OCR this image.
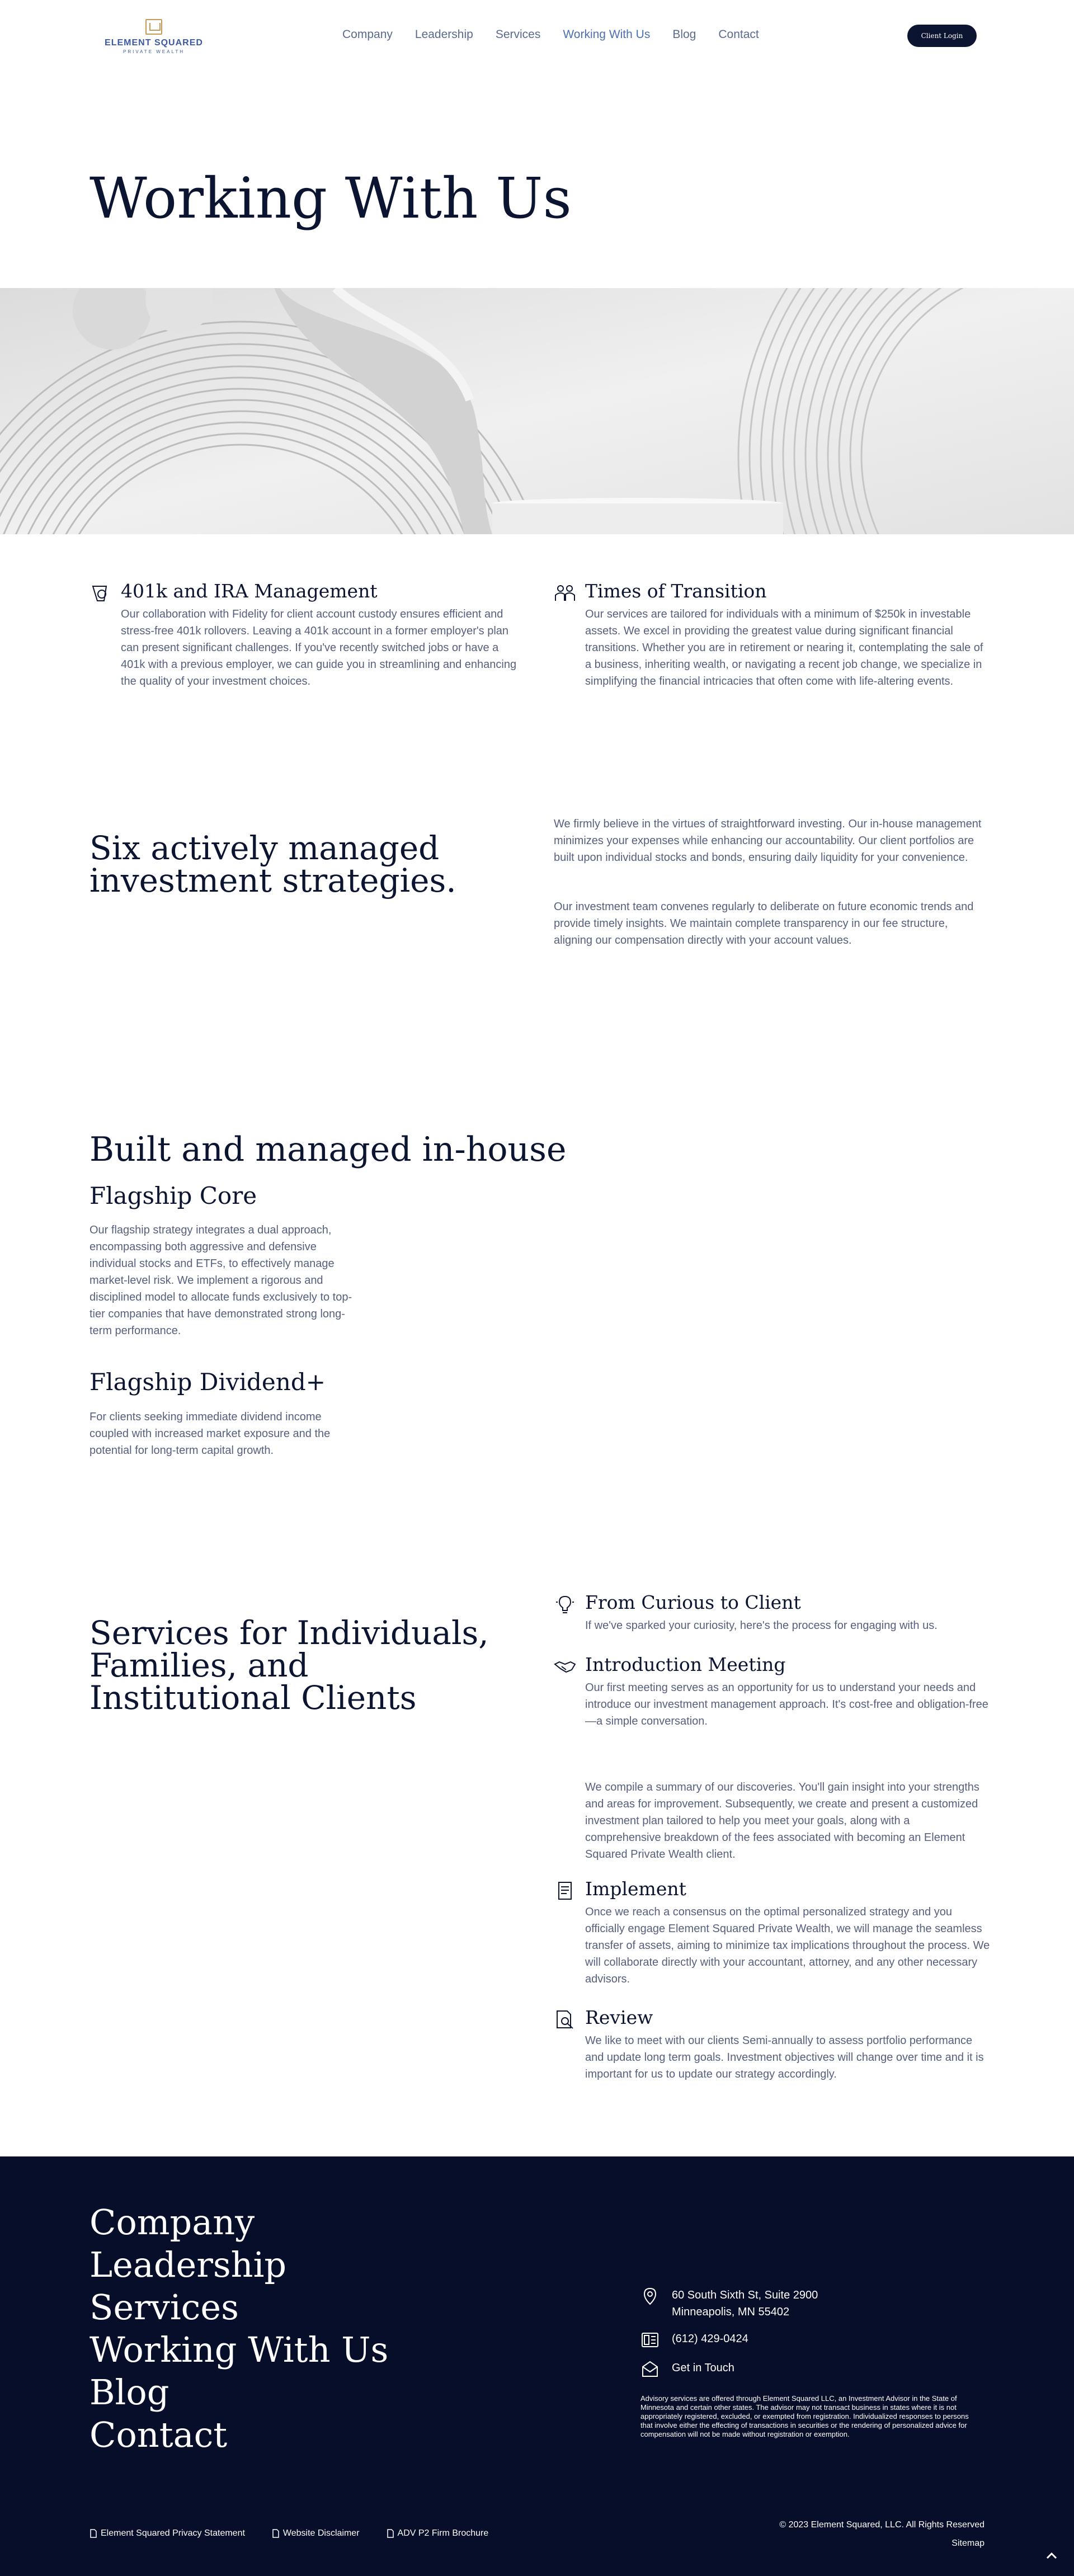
ELEMENT SQUARED
PRIVATE WEALTH
Company Leadership Services Working With Us Blog Contact	Client Login
Working With Us
401k and IRA Management

Our collaboration with Fidelity for client account custody ensures efficient and stress-free 401k rollovers. Leaving a 401k account in a former employer's plan can present significant challenges. If you've recently switched jobs or have a 401k with a previous employer, we can guide you in streamlining and enhancing the quality of your investment choices.

Times of Transition

Our services are tailored for individuals with a minimum of $250k in investable assets. We excel in providing the greatest value during significant financial transitions. Whether you are in retirement or nearing it, contemplating the sale of a business, inheriting wealth, or navigating a recent job change, we specialize in simplifying the financial intricacies that often come with life-altering events.

Six actively managed investment strategies.

We firmly believe in the virtues of straightforward investing. Our in-house management minimizes your expenses while enhancing our accountability. Our client portfolios are built upon individual stocks and bonds, ensuring daily liquidity for your convenience.

Our investment team convenes regularly to deliberate on future economic trends and provide timely insights. We maintain complete transparency in our fee structure, aligning our compensation directly with your account values.

Built and managed in-house
Flagship Core

Our flagship strategy integrates a dual approach, encompassing both aggressive and defensive individual stocks and ETFs, to effectively manage market-level risk. We implement a rigorous and disciplined model to allocate funds exclusively to top-tier companies that have demonstrated strong long-term performance.

Flagship Dividend+

For clients seeking immediate dividend income coupled with increased market exposure and the potential for long-term capital growth.

Services for Individuals, Families, and Institutional Clients
From Curious to Client

If we've sparked your curiosity, here's the process for engaging with us.

Introduction Meeting

Our first meeting serves as an opportunity for us to understand your needs and introduce our investment management approach. It's cost-free and obligation-free—a simple conversation.

We compile a summary of our discoveries. You'll gain insight into your strengths and areas for improvement. Subsequently, we create and present a customized investment plan tailored to help you meet your goals, along with a comprehensive breakdown of the fees associated with becoming an Element Squared Private Wealth client.

Implement

Once we reach a consensus on the optimal personalized strategy and you officially engage Element Squared Private Wealth, we will manage the seamless transfer of assets, aiming to minimize tax implications throughout the process. We will collaborate directly with your accountant, attorney, and any other necessary advisors.

Review

We like to meet with our clients Semi-annually to assess portfolio performance and update long term goals. Investment objectives will change over time and it is important for us to update our strategy accordingly.

Company
Leadership
Services
Working With Us
Blog
Contact
60 South Sixth St, Suite 2900
Minneapolis, MN 55402
(612) 429-0424
Get in Touch
Advisory services are offered through Element Squared LLC, an Investment Advisor in the State of Minnesota and certain other states. The advisor may not transact business in states where it is not appropriately registered, excluded, or exempted from registration. Individualized responses to persons that involve either the effecting of transactions in securities or the rendering of personalized advice for compensation will not be made without registration or exemption.
Element Squared Privacy Statement	Website Disclaimer	ADV P2 Firm Brochure
© 2023 Element Squared, LLC. All Rights Reserved
Sitemap
